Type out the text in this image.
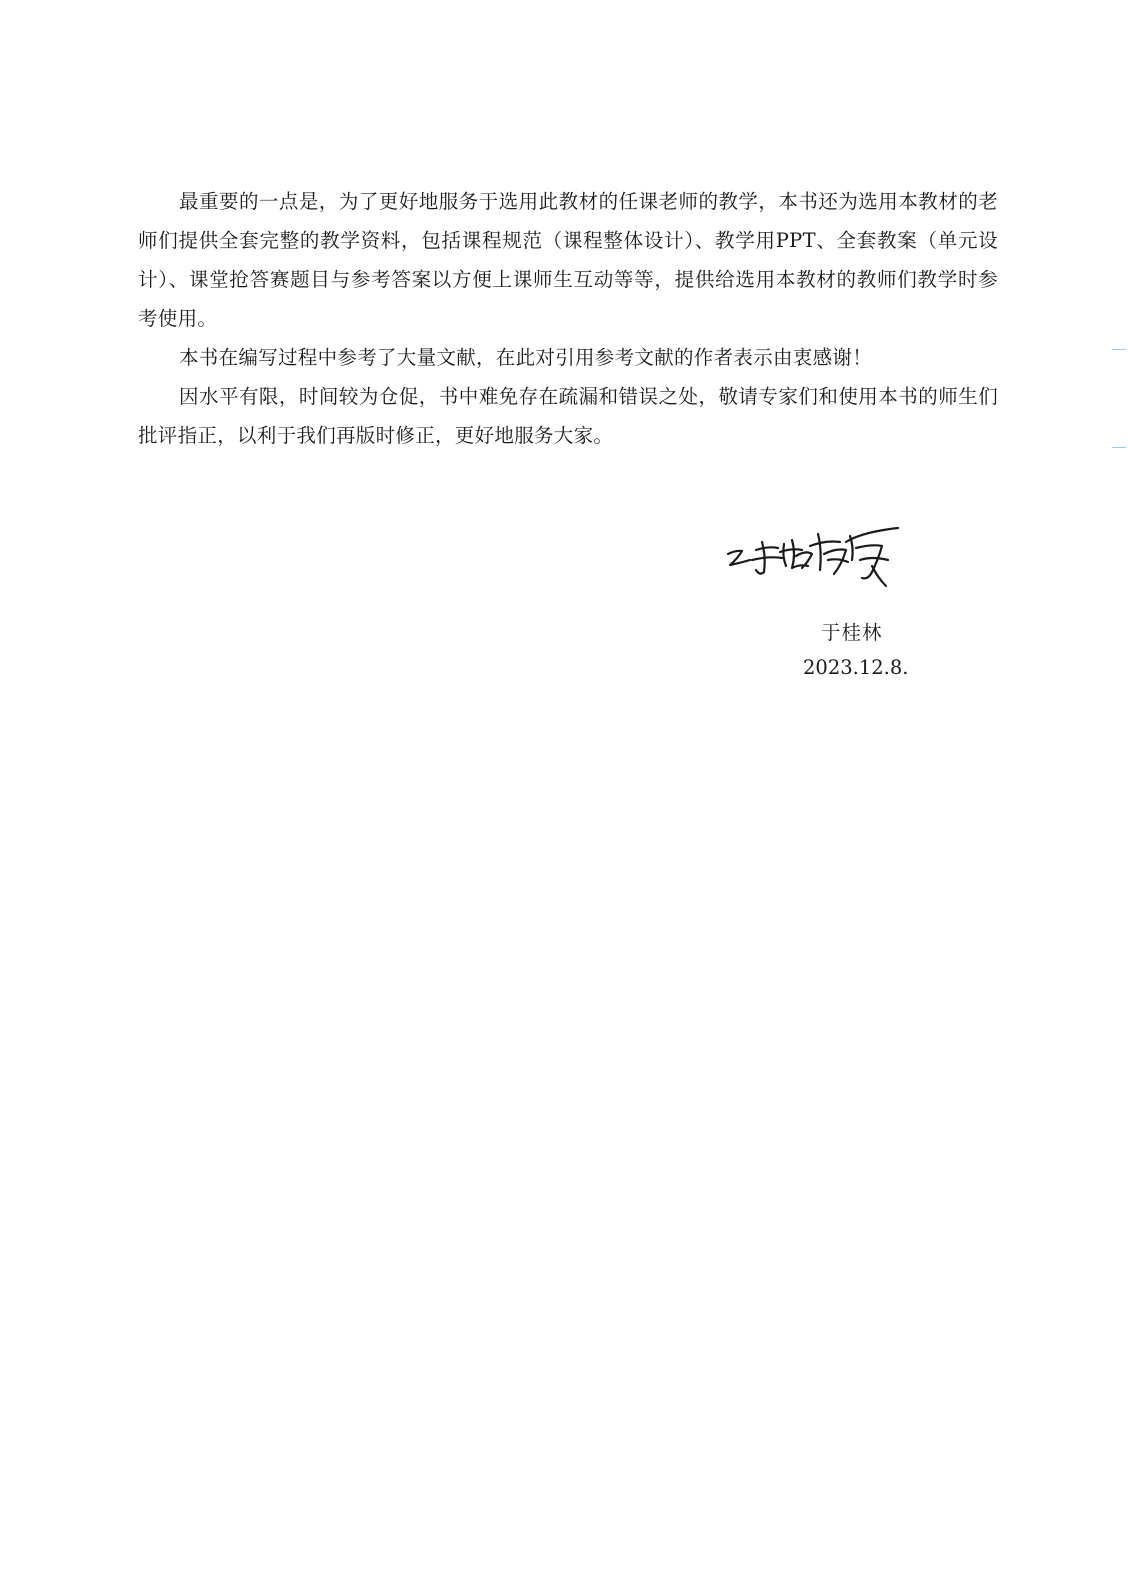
最重要的一点是，为了更好地服务于选用此教材的任课老师的教学，本书还为选用本教材的老师们提供全套完整的教学资料，包括课程规范（课程整体设计）、教学用PPT、全套教案（单元设计）、课堂抢答赛题目与参考答案以方便上课师生互动等等，提供给选用本教材的教师们教学时参考使用。

本书在编写过程中参考了大量文献，在此对引用参考文献的作者表示由衷感谢！

因水平有限，时间较为仓促，书中难免存在疏漏和错误之处，敬请专家们和使用本书的师生们批评指正，以利于我们再版时修正，更好地服务大家。

于桂林
2023.12.8.
